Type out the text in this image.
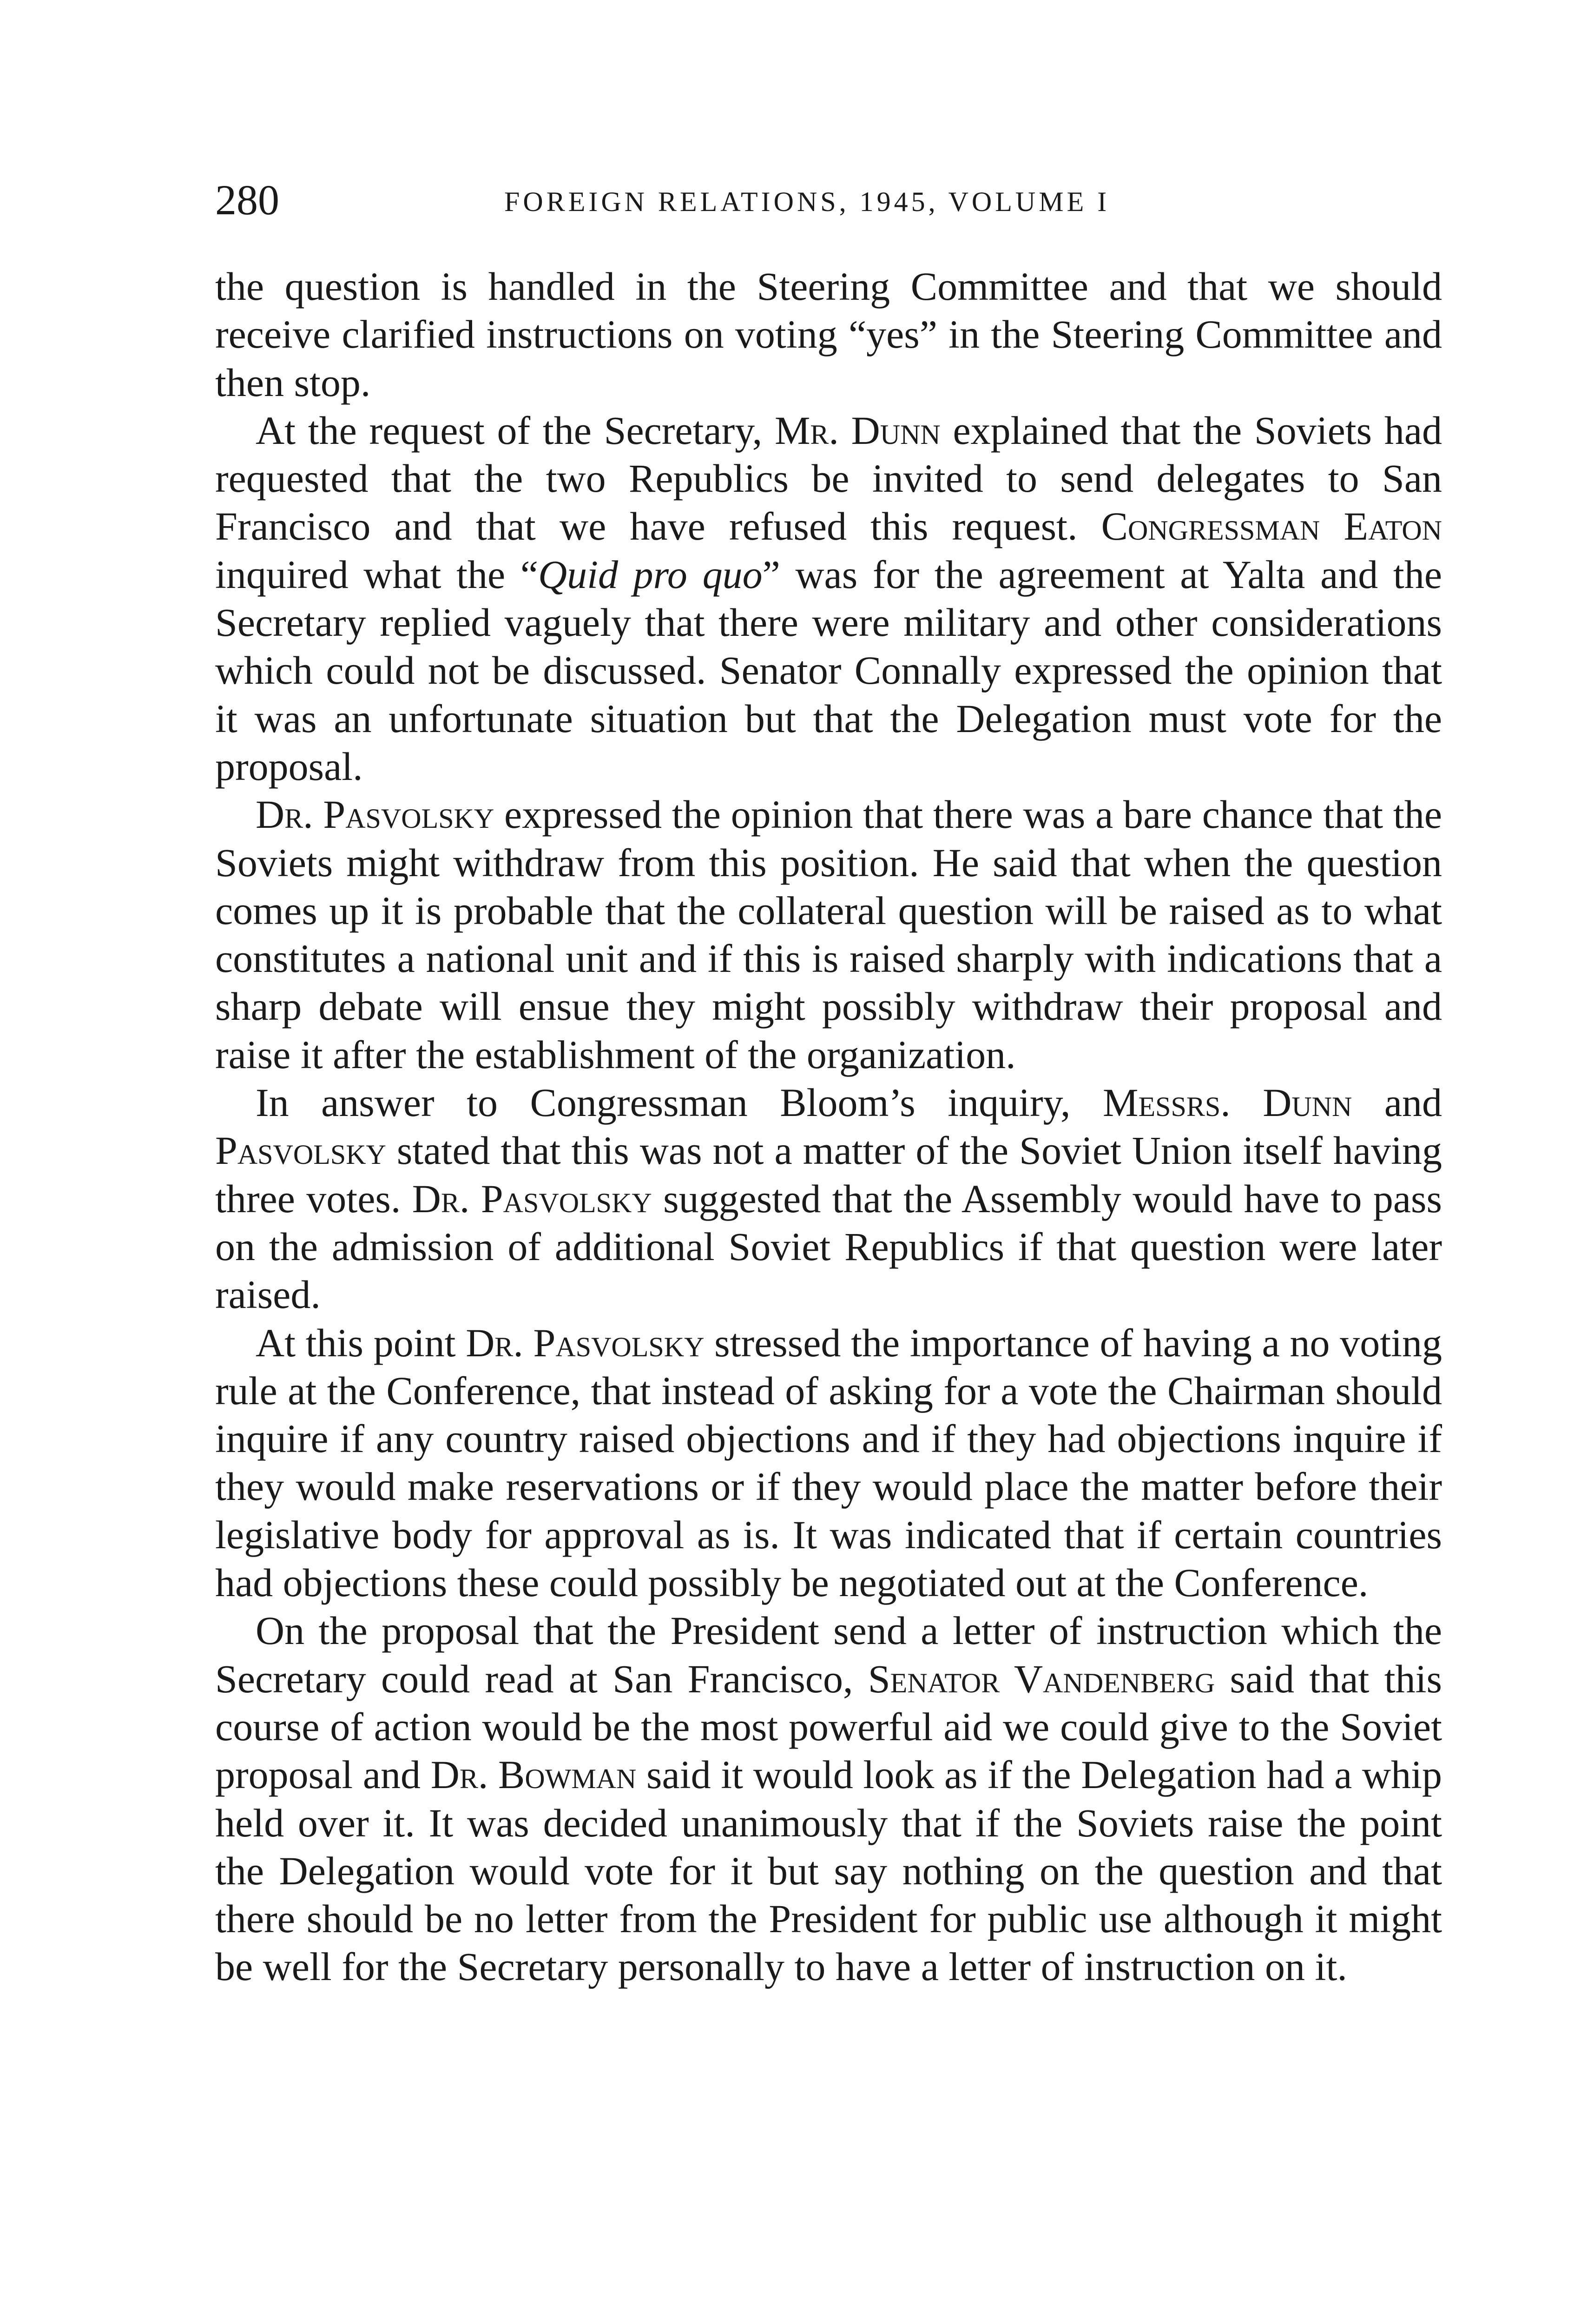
280	FOREIGN RELATIONS, 1945, VOLUME I

the question is handled in the Steering Committee and that we should receive clarified instructions on voting “yes” in the Steering Committee and then stop.

At the request of the Secretary, Mr. Dunn explained that the Soviets had requested that the two Republics be invited to send delegates to San Francisco and that we have refused this request. Congressman Eaton inquired what the “Quid pro quo” was for the agreement at Yalta and the Secretary replied vaguely that there were military and other considerations which could not be discussed. Senator Connally expressed the opinion that it was an unfortunate situation but that the Delegation must vote for the proposal.

Dr. Pasvolsky expressed the opinion that there was a bare chance that the Soviets might withdraw from this position. He said that when the question comes up it is probable that the collateral question will be raised as to what constitutes a national unit and if this is raised sharply with indications that a sharp debate will ensue they might possibly withdraw their proposal and raise it after the establishment of the organization.

In answer to Congressman Bloom’s inquiry, Messrs. Dunn and Pasvolsky stated that this was not a matter of the Soviet Union itself having three votes. Dr. Pasvolsky suggested that the Assembly would have to pass on the admission of additional Soviet Republics if that question were later raised.

At this point Dr. Pasvolsky stressed the importance of having a no voting rule at the Conference, that instead of asking for a vote the Chairman should inquire if any country raised objections and if they had objections inquire if they would make reservations or if they would place the matter before their legislative body for approval as is. It was indicated that if certain countries had objections these could possibly be negotiated out at the Conference.

On the proposal that the President send a letter of instruction which the Secretary could read at San Francisco, Senator Vandenberg said that this course of action would be the most powerful aid we could give to the Soviet proposal and Dr. Bowman said it would look as if the Delegation had a whip held over it. It was decided unanimously that if the Soviets raise the point the Delegation would vote for it but say nothing on the question and that there should be no letter from the President for public use although it might be well for the Secretary personally to have a letter of instruction on it.
